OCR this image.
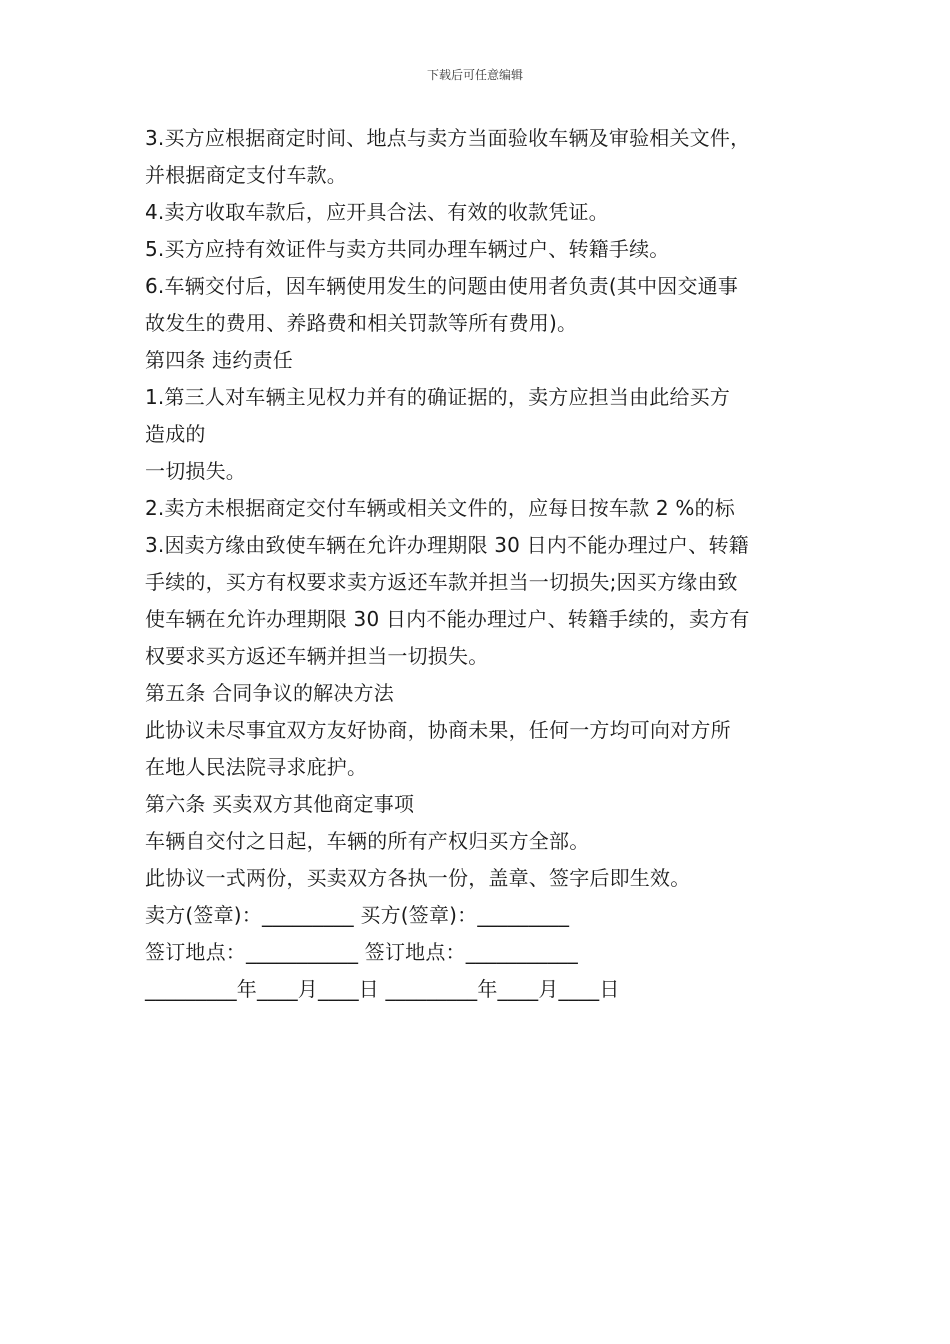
下载后可任意编辑
3.买方应根据商定时间、地点与卖方当面验收车辆及审验相关文件，
并根据商定支付车款。
4.卖方收取车款后，应开具合法、有效的收款凭证。
5.买方应持有效证件与卖方共同办理车辆过户、转籍手续。
6.车辆交付后，因车辆使用发生的问题由使用者负责(其中因交通事
故发生的费用、养路费和相关罚款等所有费用)。
第四条 违约责任
1.第三人对车辆主见权力并有的确证据的，卖方应担当由此给买方
造成的
一切损失。
2.卖方未根据商定交付车辆或相关文件的，应每日按车款 2 %的标
3.因卖方缘由致使车辆在允许办理期限 30 日内不能办理过户、转籍
手续的，买方有权要求卖方返还车款并担当一切损失;因买方缘由致
使车辆在允许办理期限 30 日内不能办理过户、转籍手续的，卖方有
权要求买方返还车辆并担当一切损失。
第五条 合同争议的解决方法
此协议未尽事宜双方友好协商，协商未果，任何一方均可向对方所
在地人民法院寻求庇护。
第六条 买卖双方其他商定事项
车辆自交付之日起，车辆的所有产权归买方全部。
此协议一式两份，买卖双方各执一份，盖章、签字后即生效。
卖方(签章)：_________ 买方(签章)：_________
签订地点：___________ 签订地点：___________
_________年____月____日 _________年____月____日
